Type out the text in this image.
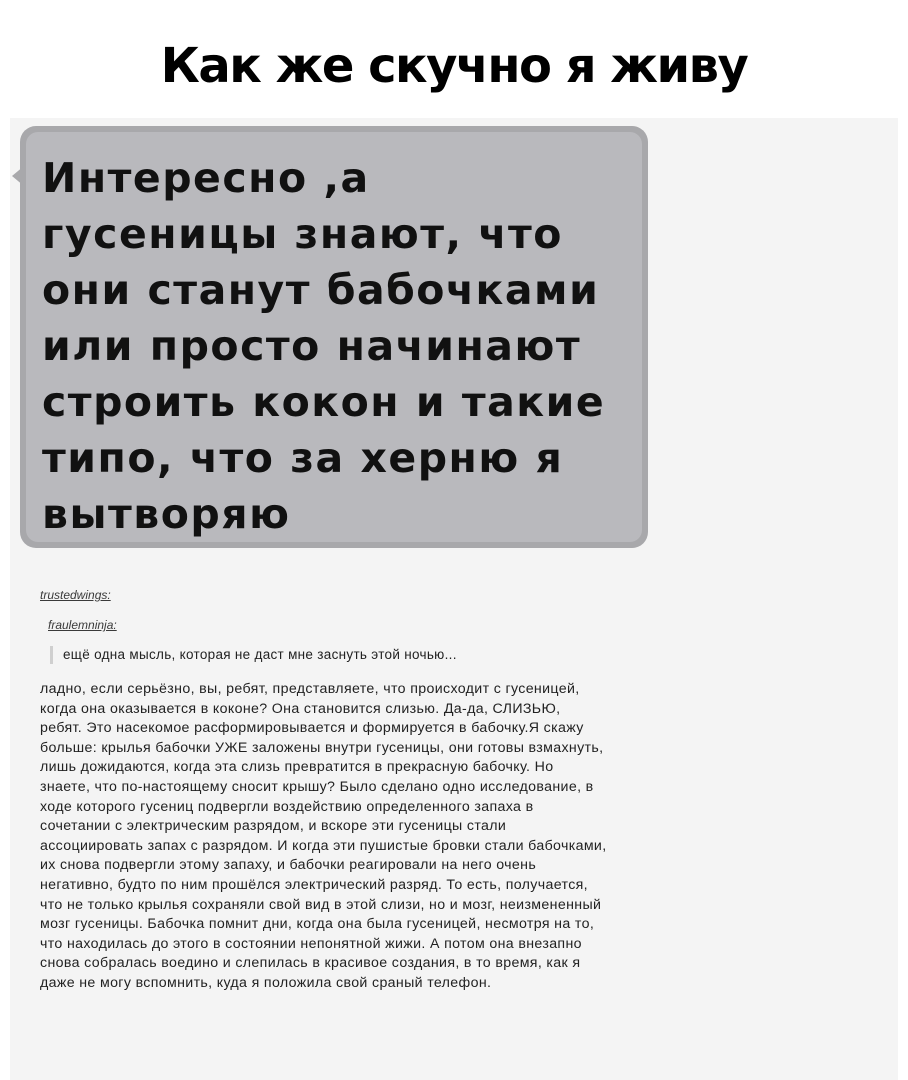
Как же скучно я живу

Интересно ,а
гусеницы знают, что
они станут бабочками
или просто начинают
строить кокон и такие
типо, что за херню я
вытворяю

trustedwings:
fraulemninja:
ещё одна мысль, которая не даст мне заснуть этой ночью...
ладно, если серьёзно, вы, ребят, представляете, что происходит с гусеницей,
когда она оказывается в коконе? Она становится слизью. Да-да, СЛИЗЬЮ,
ребят. Это насекомое расформировывается и формируется в бабочку.Я скажу
больше: крылья бабочки УЖЕ заложены внутри гусеницы, они готовы взмахнуть,
лишь дожидаются, когда эта слизь превратится в прекрасную бабочку. Но
знаете, что по-настоящему сносит крышу? Было сделано одно исследование, в
ходе которого гусениц подвергли воздействию определенного запаха в
сочетании с электрическим разрядом, и вскоре эти гусеницы стали
ассоциировать запах с разрядом. И когда эти пушистые бровки стали бабочками,
их снова подвергли этому запаху, и бабочки реагировали на него очень
негативно, будто по ним прошёлся электрический разряд. То есть, получается,
что не только крылья сохраняли свой вид в этой слизи, но и мозг, неизмененный
мозг гусеницы. Бабочка помнит дни, когда она была гусеницей, несмотря на то,
что находилась до этого в состоянии непонятной жижи. А потом она внезапно
снова собралась воедино и слепилась в красивое создания, в то время, как я
даже не могу вспомнить, куда я положила свой сраный телефон.
